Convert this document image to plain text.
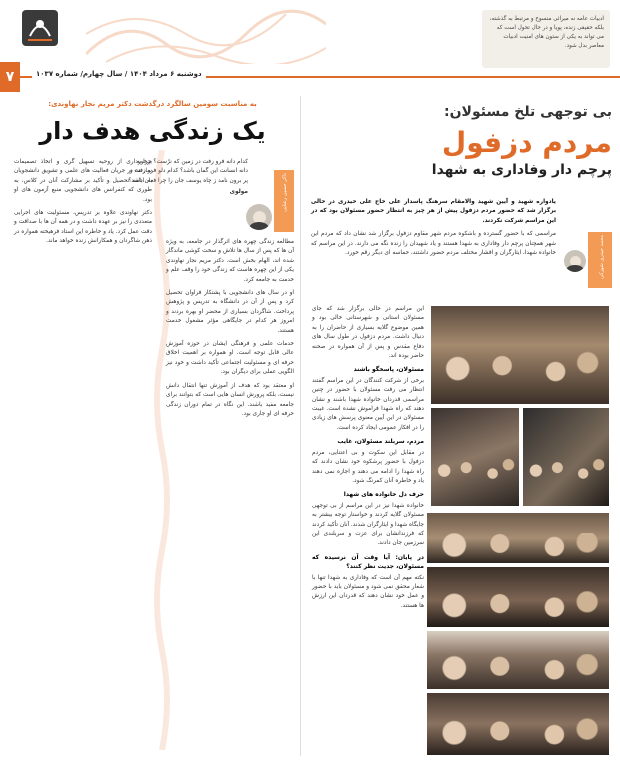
ادبیات عامه نه میراثی منسوخ و مرتبط به گذشته، بلکه حقیقی زنده، پویا و در حال تحول است که می تواند به یکی از ستون های امنیت ادبیات معاصر بدل شود.
دوشنبه ۶ مرداد ۱۴۰۴ / سال چهارم/ شماره ۱۰۳۷
۷
بی توجهی تلخ مسئولان:
مردم دزفول
پرچم دار وفاداری به شهدا

یادواره شهید و آیین شهید والامقام سرهنگ پاسدار علی حاج علی حیدری در حالی برگزار شد که حضور مردم دزفول پیش از هر چیز به انتظار حضور مسئولان بود که در این مراسم شرکت نکردند.

مراسمی که با حضور گسترده و باشکوه مردم شهر مقاوم دزفول برگزار شد نشان داد که مردم این شهر همچنان پرچم دار وفاداری به شهدا هستند و یاد شهیدان را زنده نگه می دارند. در این مراسم که خانواده شهدا، ایثارگران و اقشار مختلف مردم حضور داشتند، حماسه ای دیگر رقم خورد.	محمد حیدری شورکی

این مراسم در حالی برگزار شد که جای مسئولان استانی و شهرستانی خالی بود و همین موضوع گلایه بسیاری از حاضران را به دنبال داشت. مردم دزفول در طول سال های دفاع مقدس و پس از آن همواره در صحنه حاضر بوده اند.

مسئولان، پاسخگو باشند

برخی از شرکت کنندگان در این مراسم گفتند انتظار می رفت مسئولان با حضور در چنین مراسمی قدردان خانواده شهدا باشند و نشان دهند که راه شهدا فراموش نشده است. غیبت مسئولان در این آیین معنوی پرسش های زیادی را در افکار عمومی ایجاد کرده است.

مردم، سربلند مسئولان، غایب

در مقابل این سکوت و بی اعتنایی، مردم دزفول با حضور پرشکوه خود نشان دادند که راه شهدا را ادامه می دهند و اجازه نمی دهند یاد و خاطره آنان کمرنگ شود.

حرف دل خانواده های شهدا

خانواده شهدا نیز در این مراسم از بی توجهی مسئولان گلایه کردند و خواستار توجه بیشتر به جایگاه شهدا و ایثارگران شدند. آنان تأکید کردند که فرزندانشان برای عزت و سربلندی این سرزمین جان دادند.

در پایان: آیا وقت آن نرسیده که مسئولان، جدیت نظر کنند؟

نکته مهم آن است که وفاداری به شهدا تنها با شعار محقق نمی شود و مسئولان باید با حضور و عمل خود نشان دهند که قدردان این ارزش ها هستند.

به مناسبت سومین سالگرد درگذشت دکتر مریم نجار نهاوندی:
یک زندگی هدف دار
کدام دانه فرو رفت در زمین که نرُست؟ چرا به دانه انسانت این گمان باشد؟ کدام دلو فرو رفت و پر برون نامد ز چاه یوسف جان را چرا فغان باشد؟
مولوی	ذاکر حسین رعنایی

مطالعه زندگی چهره های اثرگذار در جامعه، به ویژه آن ها که پس از سال ها تلاش و سخت کوشی ماندگار شده اند، الهام بخش است. دکتر مریم نجار نهاوندی یکی از این چهره هاست که زندگی خود را وقف علم و خدمت به جامعه کرد.

او در سال های دانشجویی با پشتکار فراوان تحصیل کرد و پس از آن در دانشگاه به تدریس و پژوهش پرداخت. شاگردان بسیاری از محضر او بهره بردند و امروز هر کدام در جایگاهی مؤثر مشغول خدمت هستند.

خدمات علمی و فرهنگی ایشان در حوزه آموزش عالی قابل توجه است. او همواره بر اهمیت اخلاق حرفه ای و مسئولیت اجتماعی تأکید داشت و خود نیز الگویی عملی برای دیگران بود.

او معتقد بود که هدف از آموزش تنها انتقال دانش نیست، بلکه پرورش انسان هایی است که بتوانند برای جامعه مفید باشند. این نگاه در تمام دوران زندگی حرفه ای او جاری بود.

برخورداری از روحیه تسهیل گری و اتخاذ تصمیمات سازنده در جریان فعالیت های علمی و تشویق دانشجویان به ادامه تحصیل و تأکید بر مشارکت آنان در کلاس، به طوری که کنفرانس های دانشجویی منبع آزمون های او بود.

دکتر نهاوندی علاوه بر تدریس، مسئولیت های اجرایی متعددی را نیز بر عهده داشت و در همه آن ها با صداقت و دقت عمل کرد. یاد و خاطره این استاد فرهیخته همواره در ذهن شاگردان و همکارانش زنده خواهد ماند.
